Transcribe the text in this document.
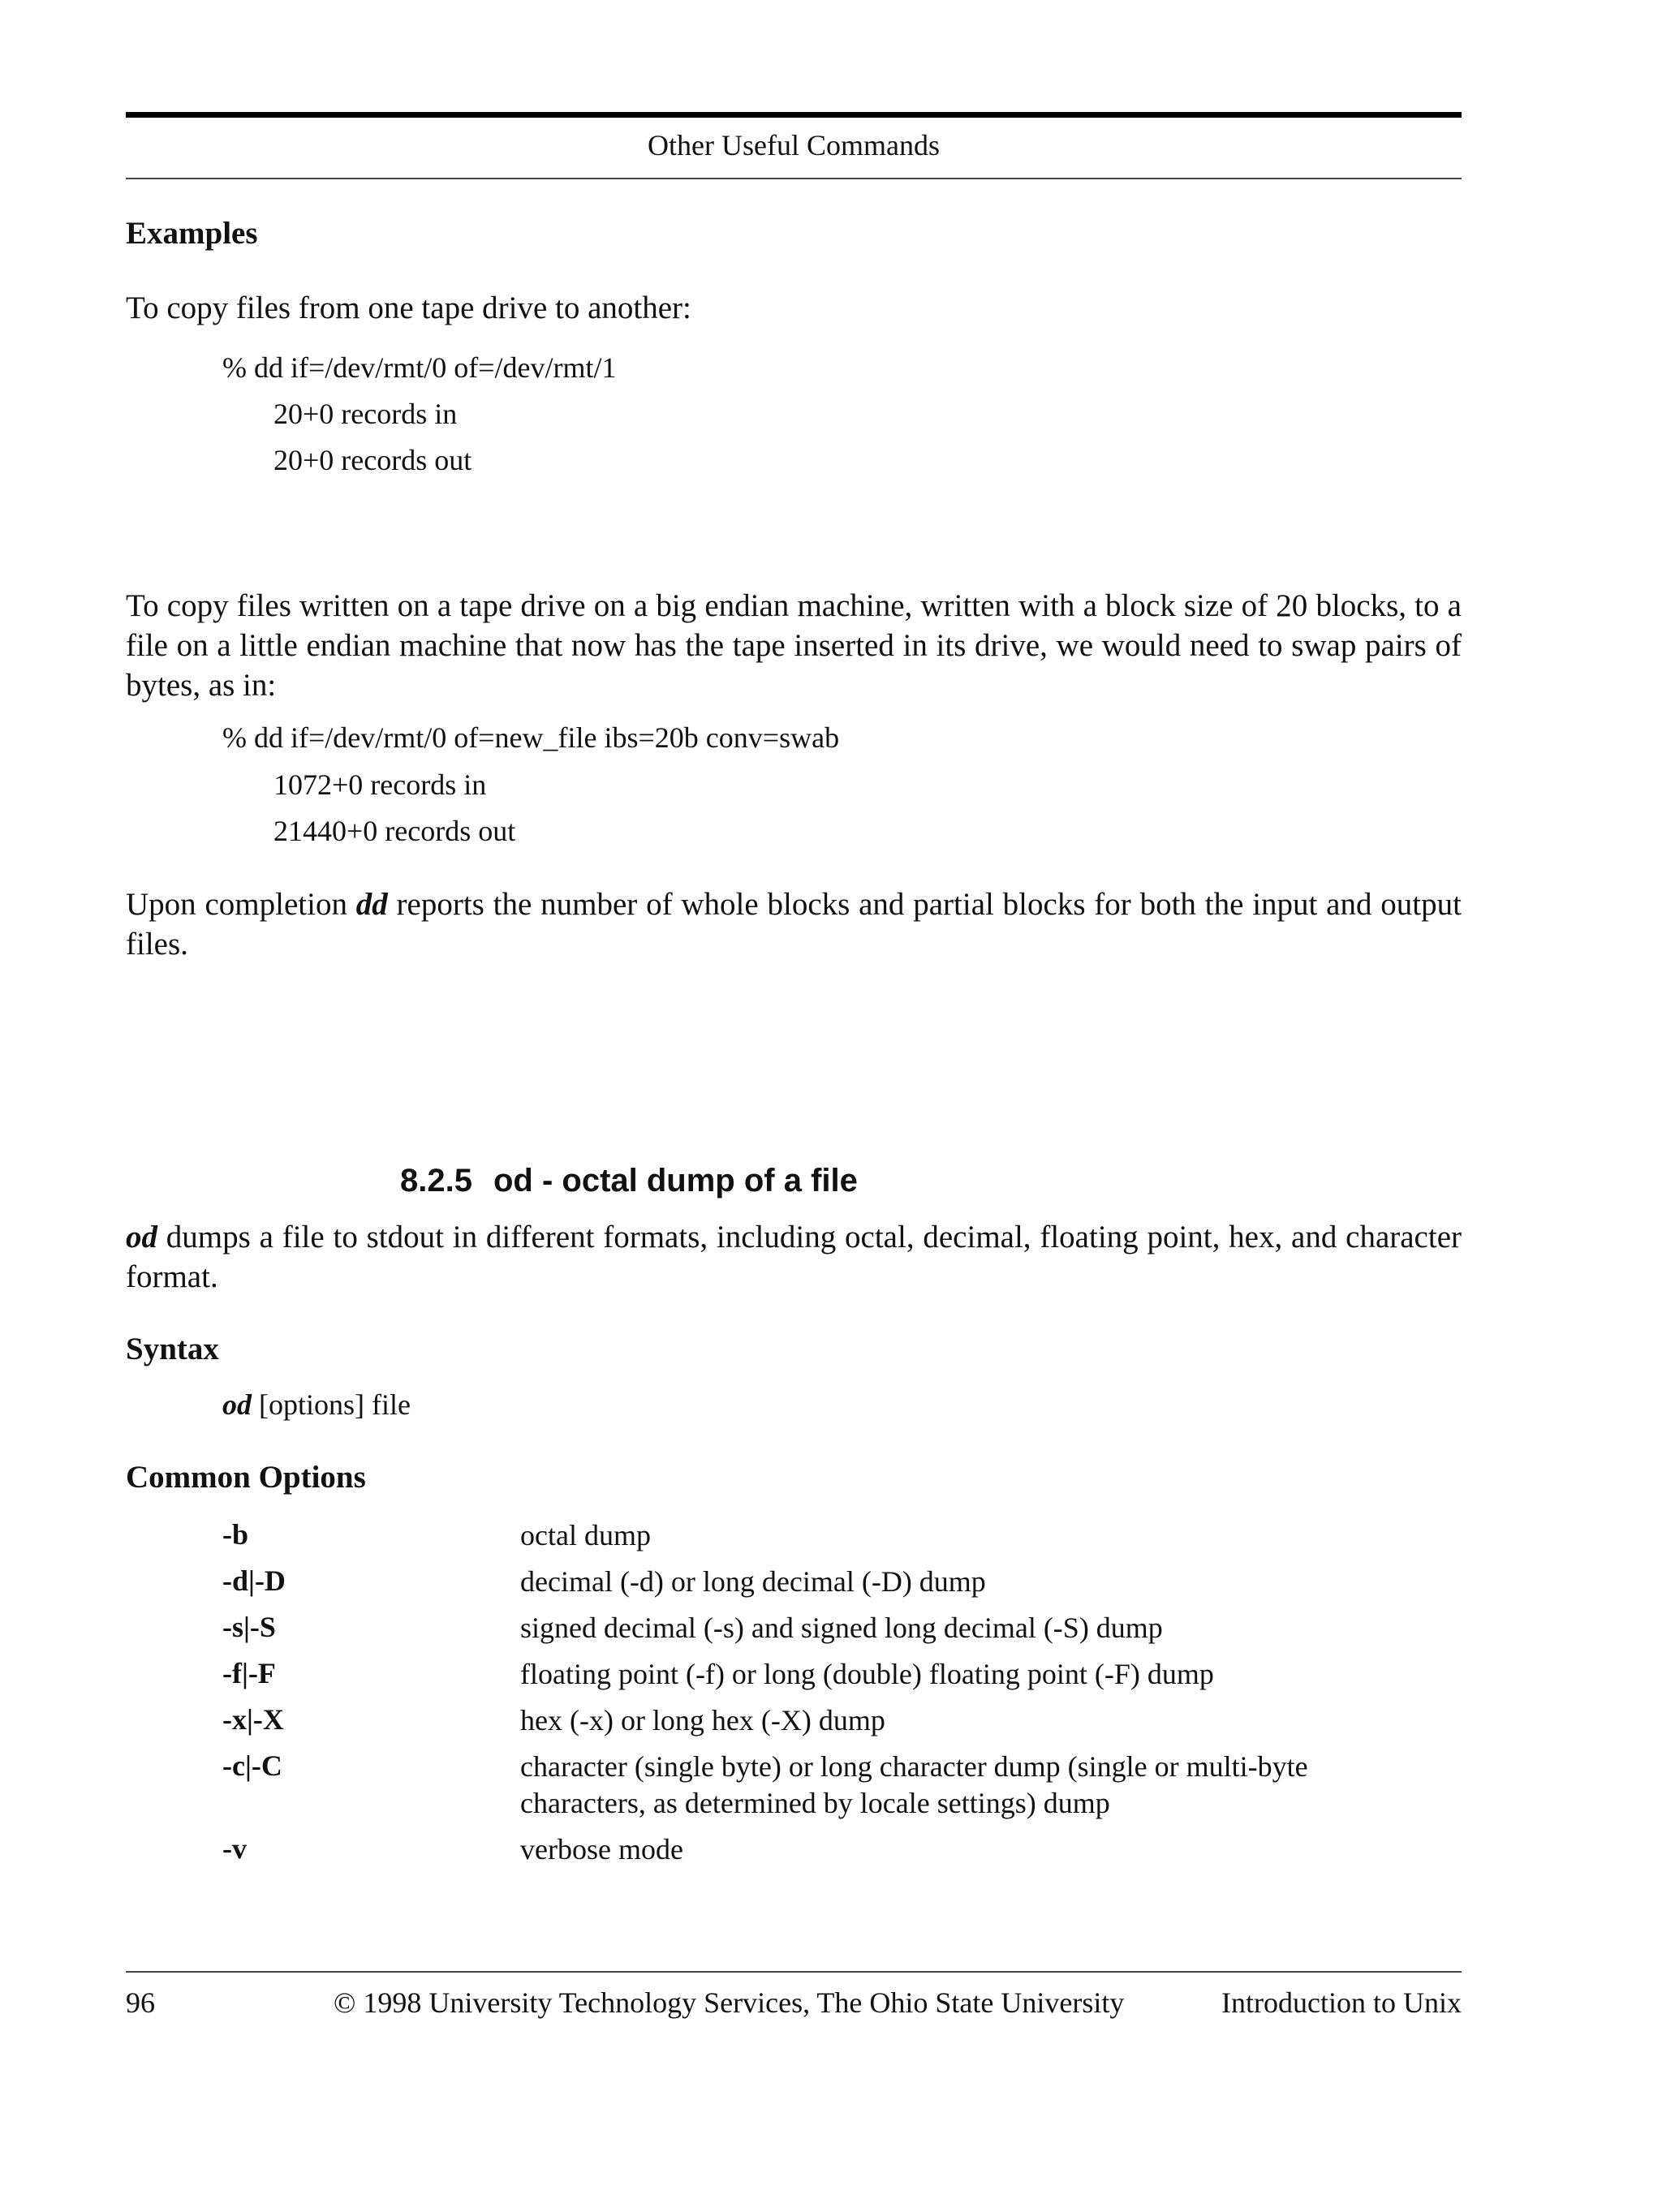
Other Useful Commands
Examples
To copy files from one tape drive to another:
% dd if=/dev/rmt/0 of=/dev/rmt/1
20+0 records in
20+0 records out
To copy files written on a tape drive on a big endian machine, written with a block size of 20 blocks, to a file on a little endian machine that now has the tape inserted in its drive, we would need to swap pairs of bytes, as in:
% dd if=/dev/rmt/0 of=new_file ibs=20b conv=swab
1072+0 records in
21440+0 records out
Upon completion dd reports the number of whole blocks and partial blocks for both the input and output files.
8.2.5 od - octal dump of a file
od dumps a file to stdout in different formats, including octal, decimal, floating point, hex, and character format.
Syntax
od [options] file
Common Options
-b	octal dump
-d|-D	decimal (-d) or long decimal (-D) dump
-s|-S	signed decimal (-s) and signed long decimal (-S) dump
-f|-F	floating point (-f) or long (double) floating point (-F) dump
-x|-X	hex (-x) or long hex (-X) dump
-c|-C	character (single byte) or long character dump (single or multi-byte characters, as determined by locale settings) dump
-v	verbose mode
96	© 1998 University Technology Services, The Ohio State University	Introduction to Unix
